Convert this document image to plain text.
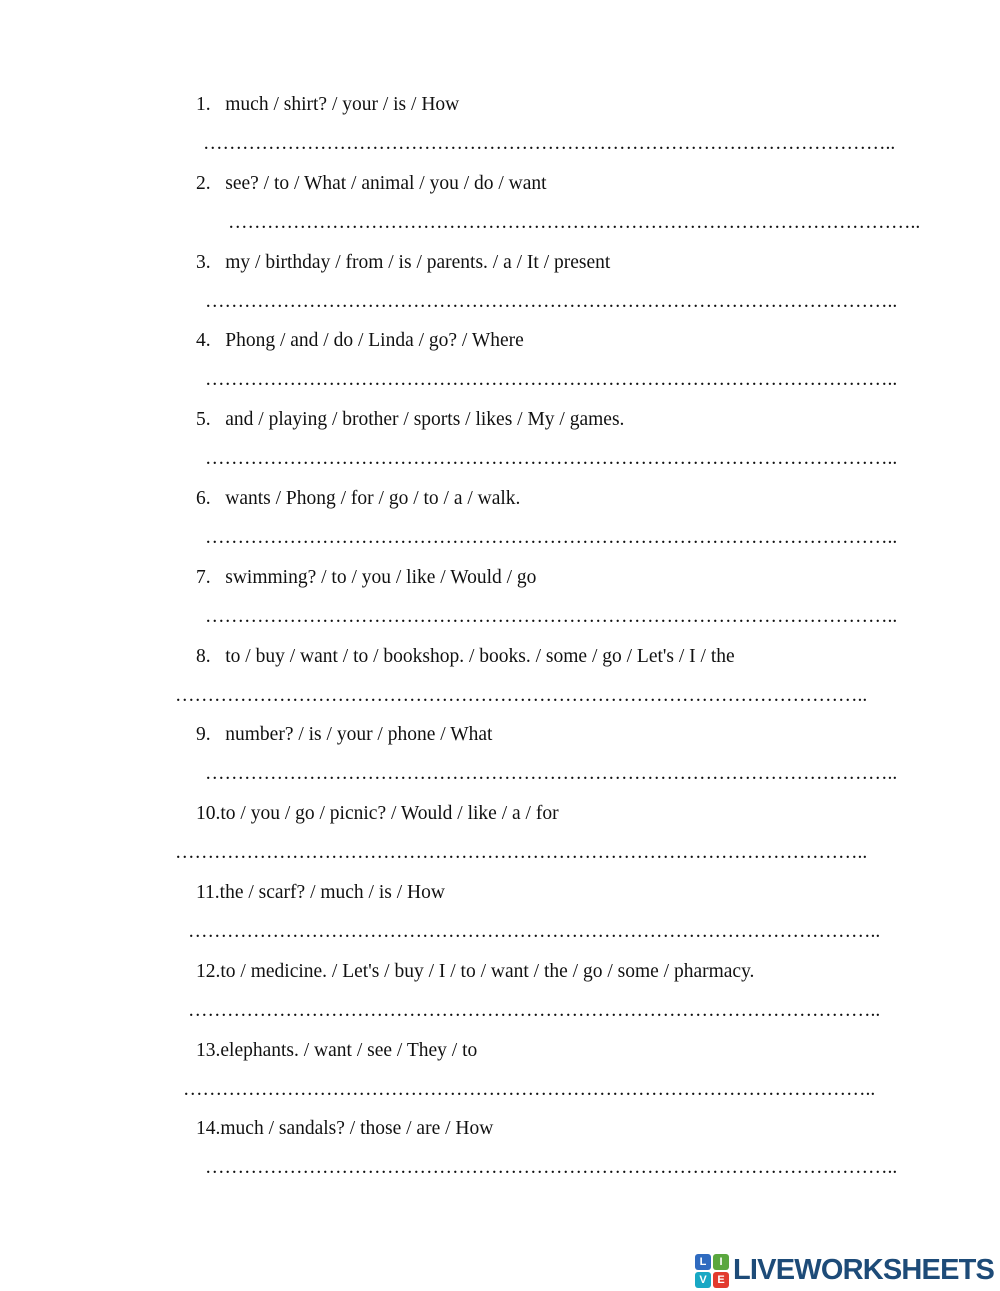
1.   much / shirt? / your / is / How
……………………………………………………………………………………………..
2.   see? / to / What / animal / you / do / want
……………………………………………………………………………………………..
3.   my / birthday / from / is / parents. / a / It / present
……………………………………………………………………………………………..
4.   Phong / and / do / Linda / go? / Where
……………………………………………………………………………………………..
5.   and / playing / brother / sports / likes / My / games.
……………………………………………………………………………………………..
6.   wants / Phong / for / go / to / a / walk.
……………………………………………………………………………………………..
7.   swimming? / to / you / like / Would / go
……………………………………………………………………………………………..
8.   to / buy / want / to / bookshop. / books. / some / go / Let's / I / the
……………………………………………………………………………………………..
9.   number? / is / your / phone / What
……………………………………………………………………………………………..
10.to / you / go / picnic? / Would / like / a / for
……………………………………………………………………………………………..
11.the / scarf? / much / is / How
……………………………………………………………………………………………..
12.to / medicine. / Let's / buy / I / to / want / the / go / some / pharmacy.
……………………………………………………………………………………………..
13.elephants. / want / see / They / to
……………………………………………………………………………………………..
14.much / sandals? / those / are / How
……………………………………………………………………………………………..
L	I
V E LIVEWORKSHEETS
